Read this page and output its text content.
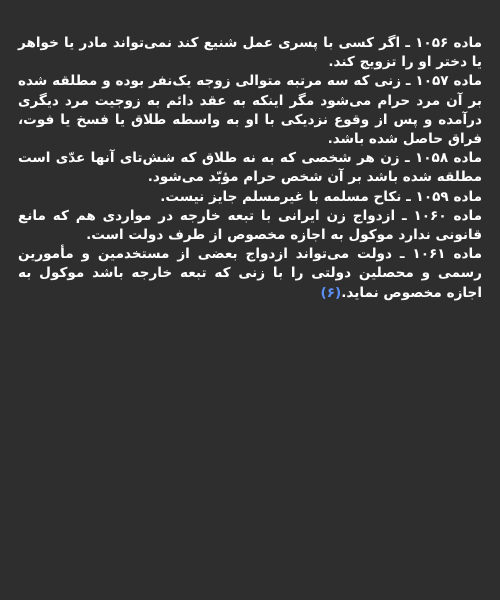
ماده ۱۰۵۶ ـ اگر کسی با پسری عمل شنیع کند نمی‌تواند مادر یا خواهر یا دختر او را تزویج کند.

ماده ۱۰۵۷ ـ زنی که سه مرتبه متوالی زوجه یک‌نفر بوده و مطلقه شده بر آن مرد حرام می‌شود مگر اینکه به عقد دائم به زوجیت مرد دیگری درآمده و پس از وقوع نزدیکی با او به واسطه طلاق یا فسخ یا فوت، فراق حاصل شده باشد.

ماده ۱۰۵۸ ـ زن هر شخصی که به نه طلاق که شش‌تای آنها عدّی است مطلقه شده باشد بر آن شخص حرام مؤبّد می‌شود.

ماده ۱۰۵۹ ـ نکاح مسلمه با غیرمسلم جایز نیست.

ماده ۱۰۶۰ ـ ازدواج زن ایرانی با تبعه خارجه در مواردی هم که مانع قانونی ندارد موکول به اجازه مخصوص از طرف دولت است.

ماده ۱۰۶۱ ـ دولت می‌تواند ازدواج بعضی از مستخدمین و مأمورین رسمی و محصلین دولتی را با زنی که تبعه خارجه باشد موکول به اجازه مخصوص نماید.(۶)
